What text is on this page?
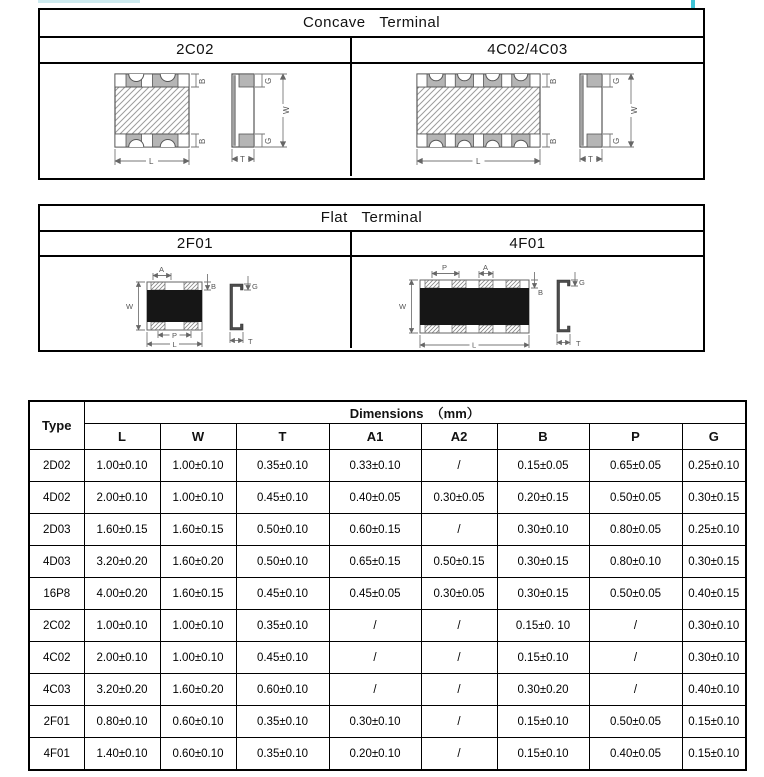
Concave   Terminal
2C02	4C02/4C03
B
B
L
G
G
W
T
B
B
L
G
G
W
T
Flat   Terminal
2F01	4F01
A
W
B
P
L
G
T
P	A
W
L
B
G
T
Type	Dimensions  （mm）							
	L	W	T	A1	A2	B	P	G
2D02	1.00±0.10	1.00±0.10	0.35±0.10	0.33±0.10	/	0.15±0.05	0.65±0.05	0.25±0.10
4D02	2.00±0.10	1.00±0.10	0.45±0.10	0.40±0.05	0.30±0.05	0.20±0.15	0.50±0.05	0.30±0.15
2D03	1.60±0.15	1.60±0.15	0.50±0.10	0.60±0.15	/	0.30±0.10	0.80±0.05	0.25±0.10
4D03	3.20±0.20	1.60±0.20	0.50±0.10	0.65±0.15	0.50±0.15	0.30±0.15	0.80±0.10	0.30±0.15
16P8	4.00±0.20	1.60±0.15	0.45±0.10	0.45±0.05	0.30±0.05	0.30±0.15	0.50±0.05	0.40±0.15
2C02	1.00±0.10	1.00±0.10	0.35±0.10	/	/	0.15±0. 10	/	0.30±0.10
4C02	2.00±0.10	1.00±0.10	0.45±0.10	/	/	0.15±0.10	/	0.30±0.10
4C03	3.20±0.20	1.60±0.20	0.60±0.10	/	/	0.30±0.20	/	0.40±0.10
2F01	0.80±0.10	0.60±0.10	0.35±0.10	0.30±0.10	/	0.15±0.10	0.50±0.05	0.15±0.10
4F01	1.40±0.10	0.60±0.10	0.35±0.10	0.20±0.10	/	0.15±0.10	0.40±0.05	0.15±0.10
